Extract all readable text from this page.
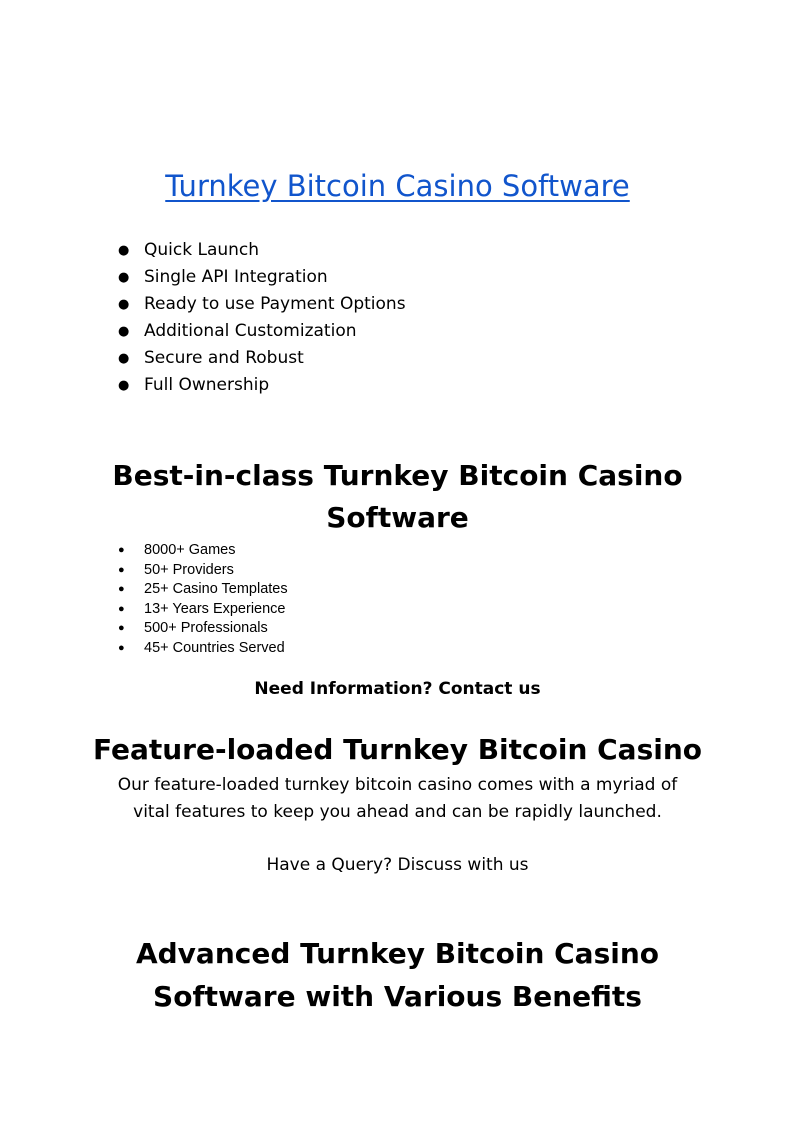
Turnkey Bitcoin Casino Software
● Quick Launch
● Single API Integration
● Ready to use Payment Options
● Additional Customization
● Secure and Robust
● Full Ownership
Best-in-class Turnkey Bitcoin Casino
Software
● 8000+ Games
● 50+ Providers
● 25+ Casino Templates
● 13+ Years Experience
● 500+ Professionals
● 45+ Countries Served
Need Information? Contact us
Feature-loaded Turnkey Bitcoin Casino
Our feature-loaded turnkey bitcoin casino comes with a myriad of
vital features to keep you ahead and can be rapidly launched.
Have a Query? Discuss with us
Advanced Turnkey Bitcoin Casino
Software with Various Benefits
